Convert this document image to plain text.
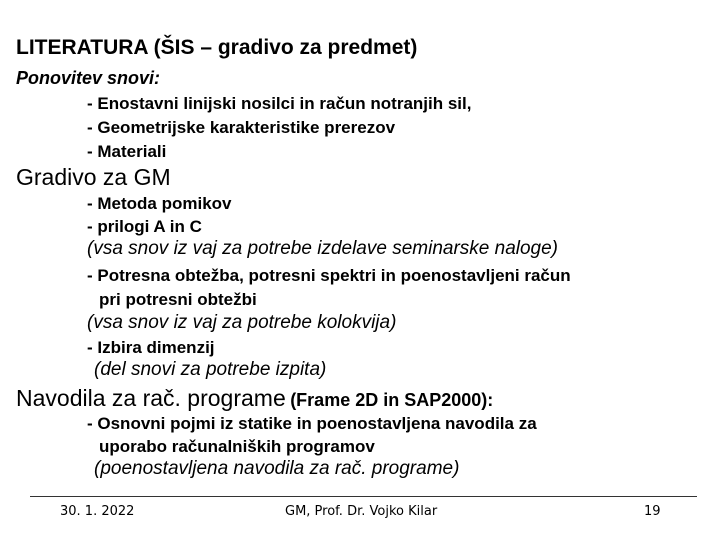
LITERATURA (ŠIS – gradivo za predmet)
Ponovitev snovi:
- Enostavni linijski nosilci in račun notranjih sil,
- Geometrijske karakteristike prerezov
- Materiali
Gradivo za GM
- Metoda pomikov
- prilogi A in C
(vsa snov iz vaj za potrebe izdelave seminarske naloge)
- Potresna obtežba, potresni spektri in poenostavljeni račun
pri potresni obtežbi
(vsa snov iz vaj za potrebe kolokvija)
- Izbira dimenzij
(del snovi za potrebe izpita)
Navodila za rač. programe (Frame 2D in SAP2000):
- Osnovni pojmi iz statike in poenostavljena navodila za
uporabo računalniških programov
(poenostavljena navodila za rač. programe)
30. 1. 2022	GM, Prof. Dr. Vojko Kilar	19
